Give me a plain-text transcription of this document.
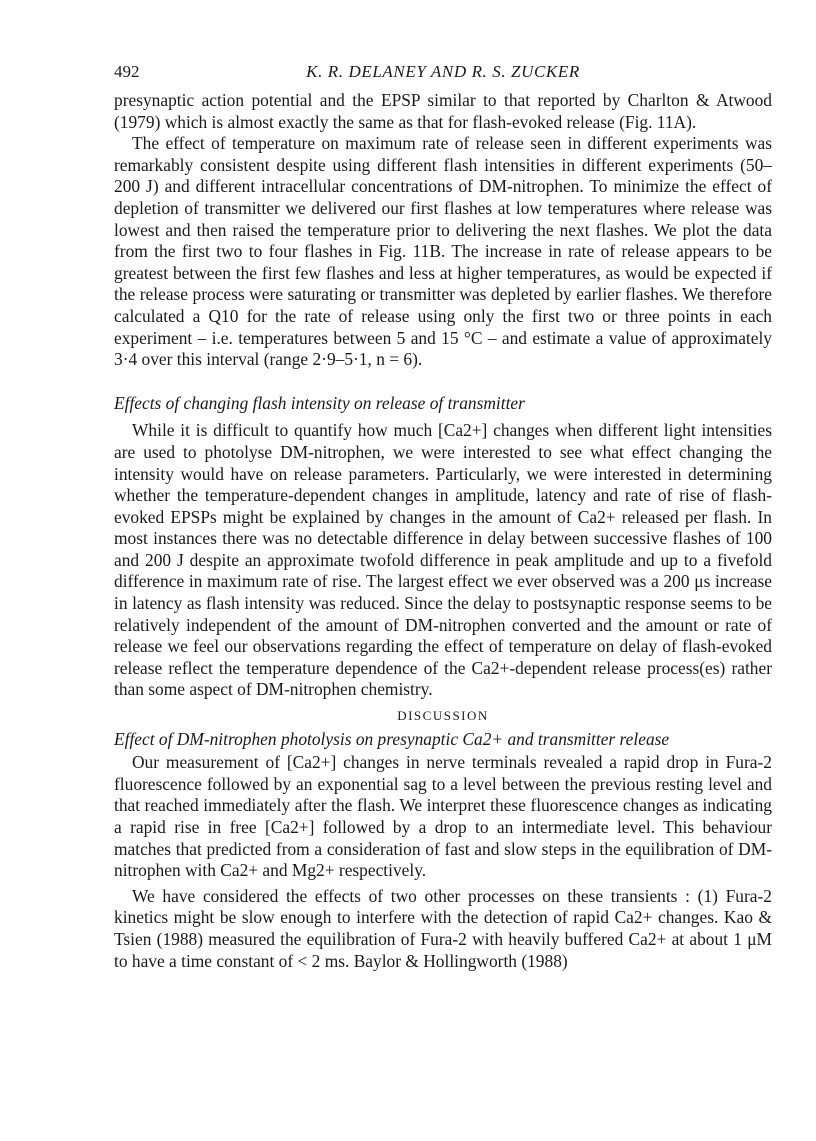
492	K. R. DELANEY AND R. S. ZUCKER

presynaptic action potential and the EPSP similar to that reported by Charlton & Atwood (1979) which is almost exactly the same as that for flash-evoked release (Fig. 11A).

The effect of temperature on maximum rate of release seen in different experiments was remarkably consistent despite using different flash intensities in different experiments (50–200 J) and different intracellular concentrations of DM-nitrophen. To minimize the effect of depletion of transmitter we delivered our first flashes at low temperatures where release was lowest and then raised the temperature prior to delivering the next flashes. We plot the data from the first two to four flashes in Fig. 11B. The increase in rate of release appears to be greatest between the first few flashes and less at higher temperatures, as would be expected if the release process were saturating or transmitter was depleted by earlier flashes. We therefore calculated a Q10 for the rate of release using only the first two or three points in each experiment – i.e. temperatures between 5 and 15 °C – and estimate a value of approximately 3·4 over this interval (range 2·9–5·1, n = 6).

Effects of changing flash intensity on release of transmitter

While it is difficult to quantify how much [Ca2+] changes when different light intensities are used to photolyse DM-nitrophen, we were interested to see what effect changing the intensity would have on release parameters. Particularly, we were interested in determining whether the temperature-dependent changes in amplitude, latency and rate of rise of flash-evoked EPSPs might be explained by changes in the amount of Ca2+ released per flash. In most instances there was no detectable difference in delay between successive flashes of 100 and 200 J despite an approximate twofold difference in peak amplitude and up to a fivefold difference in maximum rate of rise. The largest effect we ever observed was a 200 μs increase in latency as flash intensity was reduced. Since the delay to postsynaptic response seems to be relatively independent of the amount of DM-nitrophen converted and the amount or rate of release we feel our observations regarding the effect of temperature on delay of flash-evoked release reflect the temperature dependence of the Ca2+-dependent release process(es) rather than some aspect of DM-nitrophen chemistry.

DISCUSSION
Effect of DM-nitrophen photolysis on presynaptic Ca2+ and transmitter release

Our measurement of [Ca2+] changes in nerve terminals revealed a rapid drop in Fura-2 fluorescence followed by an exponential sag to a level between the previous resting level and that reached immediately after the flash. We interpret these fluorescence changes as indicating a rapid rise in free [Ca2+] followed by a drop to an intermediate level. This behaviour matches that predicted from a consideration of fast and slow steps in the equilibration of DM-nitrophen with Ca2+ and Mg2+ respectively.

We have considered the effects of two other processes on these transients : (1) Fura-2 kinetics might be slow enough to interfere with the detection of rapid Ca2+ changes. Kao & Tsien (1988) measured the equilibration of Fura-2 with heavily buffered Ca2+ at about 1 μM to have a time constant of < 2 ms. Baylor & Hollingworth (1988)
